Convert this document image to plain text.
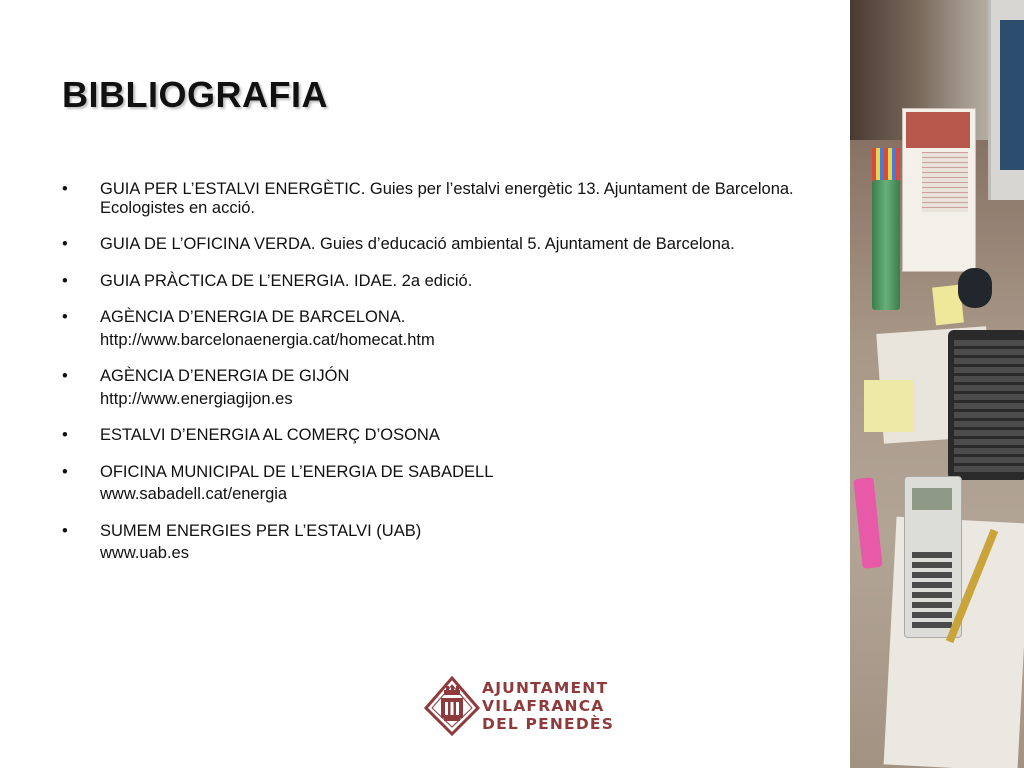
BIBLIOGRAFIA
• GUIA PER L’ESTALVI ENERGÈTIC. Guies per l’estalvi energètic 13. Ajuntament de Barcelona. Ecologistes en acció.
• GUIA DE L’OFICINA VERDA. Guies d’educació ambiental 5. Ajuntament de Barcelona.
• GUIA PRÀCTICA DE L’ENERGIA. IDAE. 2a edició.
• AGÈNCIA D’ENERGIA DE BARCELONA.
http://www.barcelonaenergia.cat/homecat.htm
• AGÈNCIA D’ENERGIA DE GIJÓN
http://www.energiagijon.es
• ESTALVI D’ENERGIA AL COMERÇ D’OSONA
• OFICINA MUNICIPAL DE L’ENERGIA DE SABADELL
www.sabadell.cat/energia
• SUMEM ENERGIES PER L’ESTALVI (UAB)
www.uab.es
AJUNTAMENT
VILAFRANCA
DEL PENEDÈS
